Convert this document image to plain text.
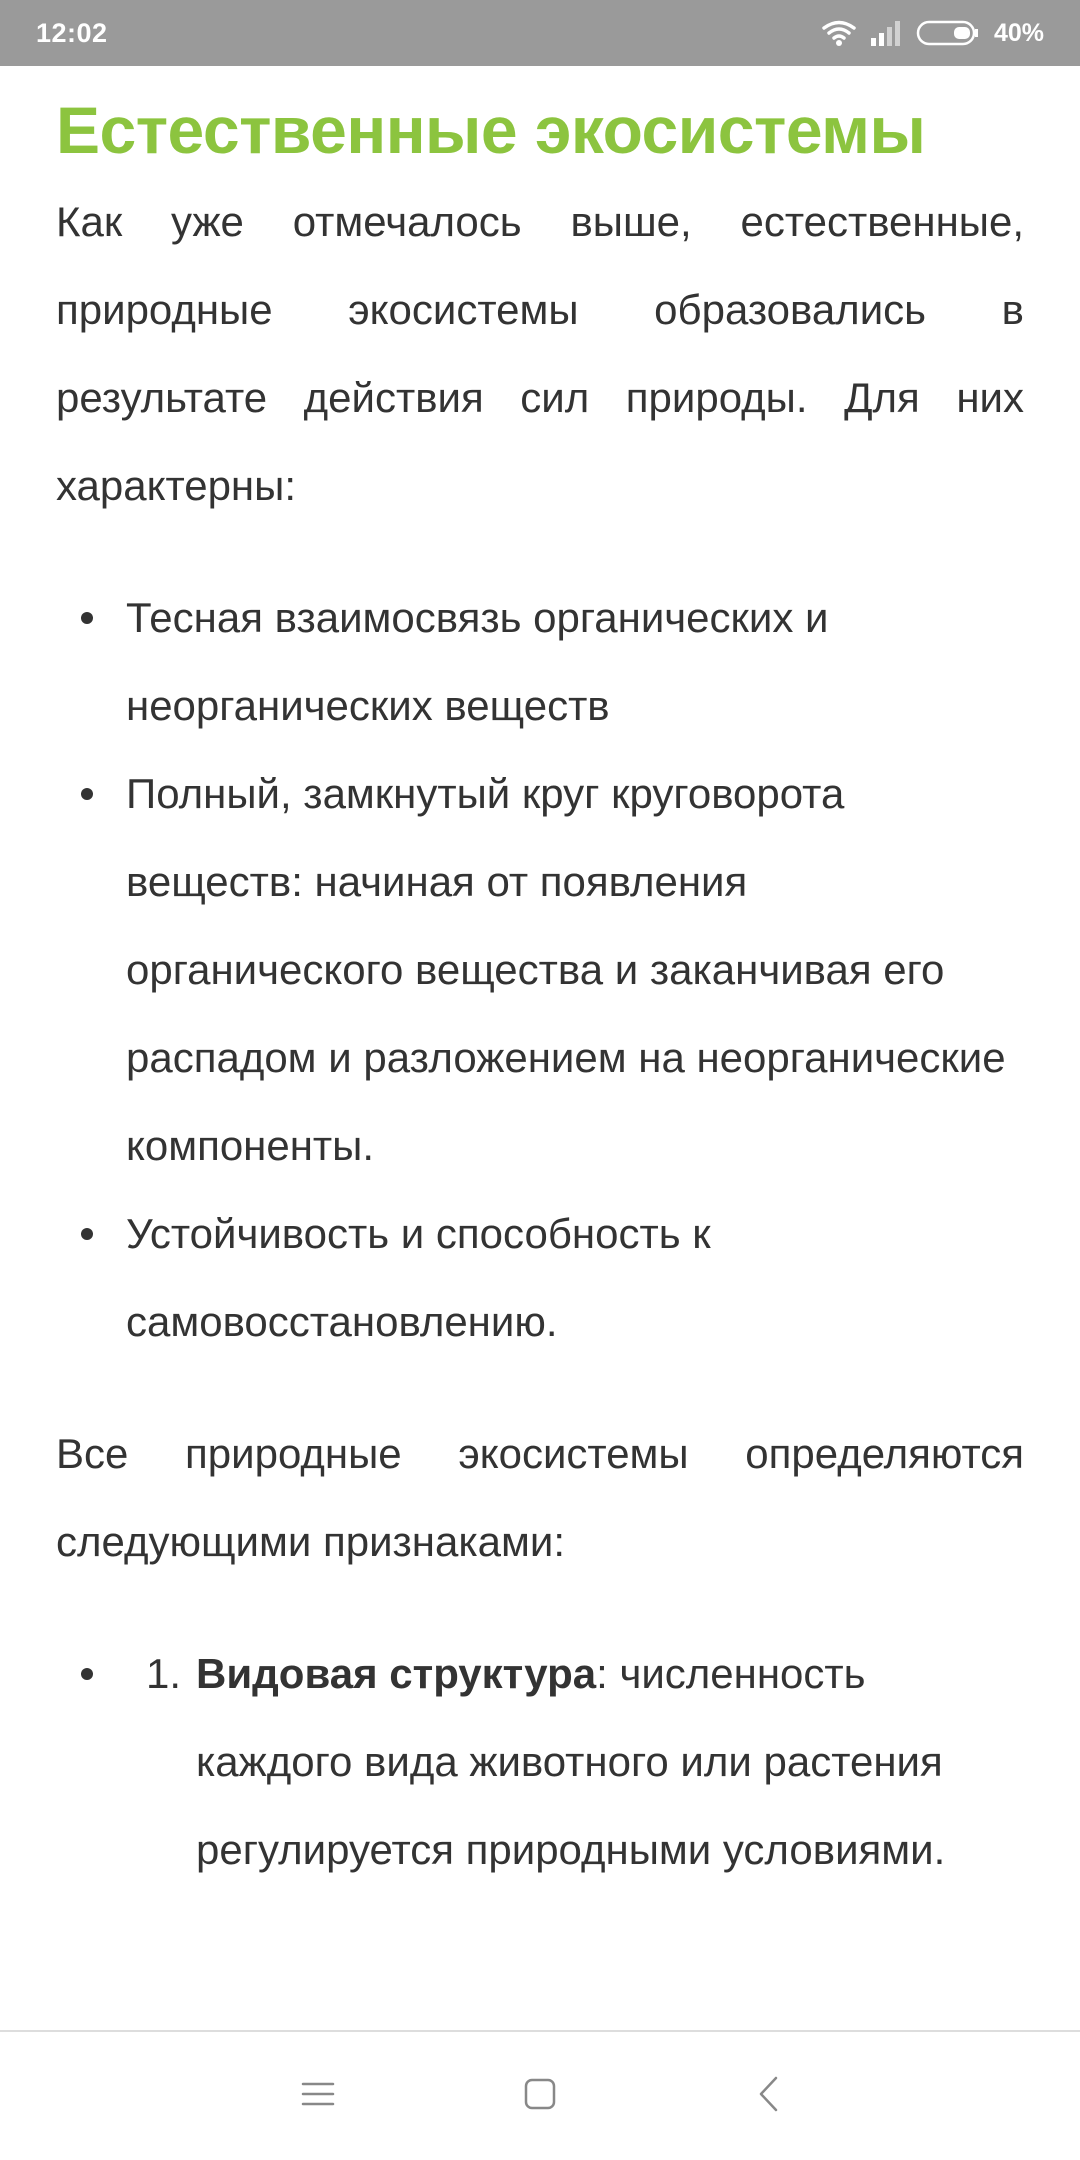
12:02	40%
Естественные экосистемы

Как уже отмечалось выше, естественные, природные экосистемы образовались в результате действия сил природы. Для них характерны:

Тесная взаимосвязь органических и неорганических веществ
Полный, замкнутый круг круговорота веществ: начиная от появления органического вещества и заканчивая его распадом и разложением на неорганические компоненты.
Устойчивость и способность к самовосстановлению.

Все природные экосистемы определяются следующими признаками:

1. Видовая структура: численность каждого вида животного или растения регулируется природными условиями.
